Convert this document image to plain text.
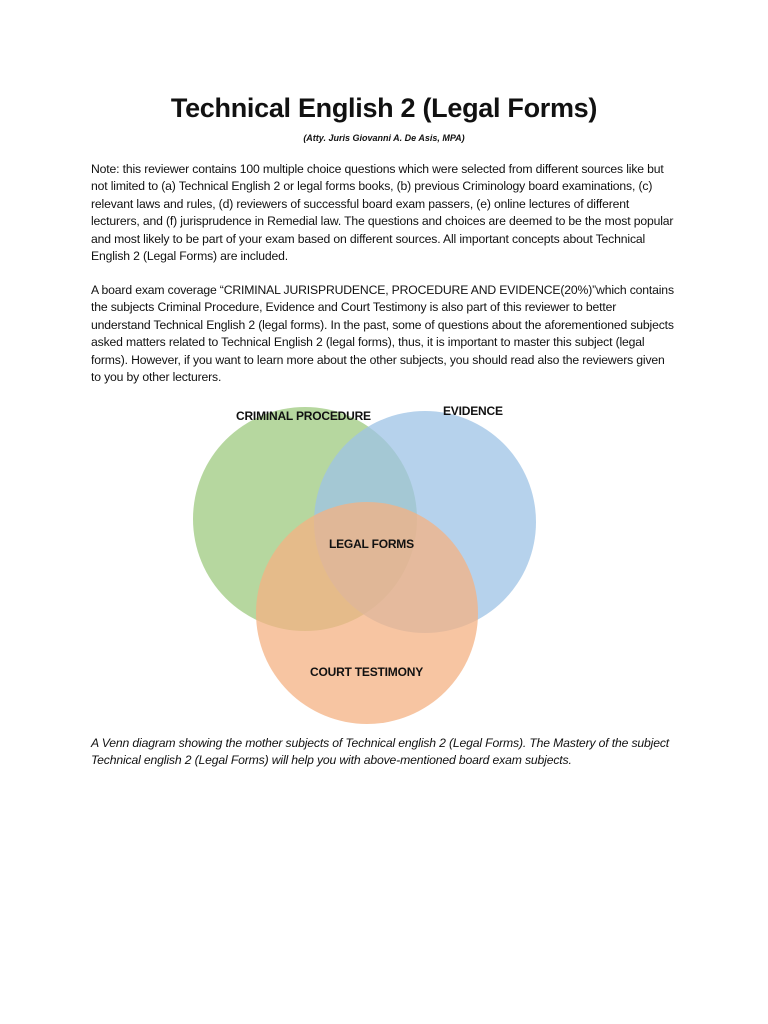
Technical English 2 (Legal Forms)
(Atty. Juris Giovanni A. De Asis, MPA)

Note: this reviewer contains 100 multiple choice questions which were selected from different sources like but not limited to (a) Technical English 2 or legal forms books, (b) previous Criminology board examinations, (c) relevant laws and rules, (d) reviewers of successful board exam passers, (e) online lectures of different lecturers, and (f) jurisprudence in Remedial law. The questions and choices are deemed to be the most popular and most likely to be part of your exam based on different sources. All important concepts about Technical English 2 (Legal Forms) are included.

A board exam coverage “CRIMINAL JURISPRUDENCE, PROCEDURE AND EVIDENCE(20%)”which contains the subjects Criminal Procedure, Evidence and Court Testimony is also part of this reviewer to better understand Technical English 2 (legal forms). In the past, some of questions about the aforementioned subjects asked matters related to Technical English 2 (legal forms), thus, it is important to master this subject (legal forms). However, if you want to learn more about the other subjects, you should read also the reviewers given to you by other lecturers.

CRIMINAL PROCEDURE	EVIDENCE
LEGAL FORMS
COURT TESTIMONY

A Venn diagram showing the mother subjects of Technical english 2 (Legal Forms). The Mastery of the subject Technical english 2 (Legal Forms) will help you with above-mentioned board exam subjects.
